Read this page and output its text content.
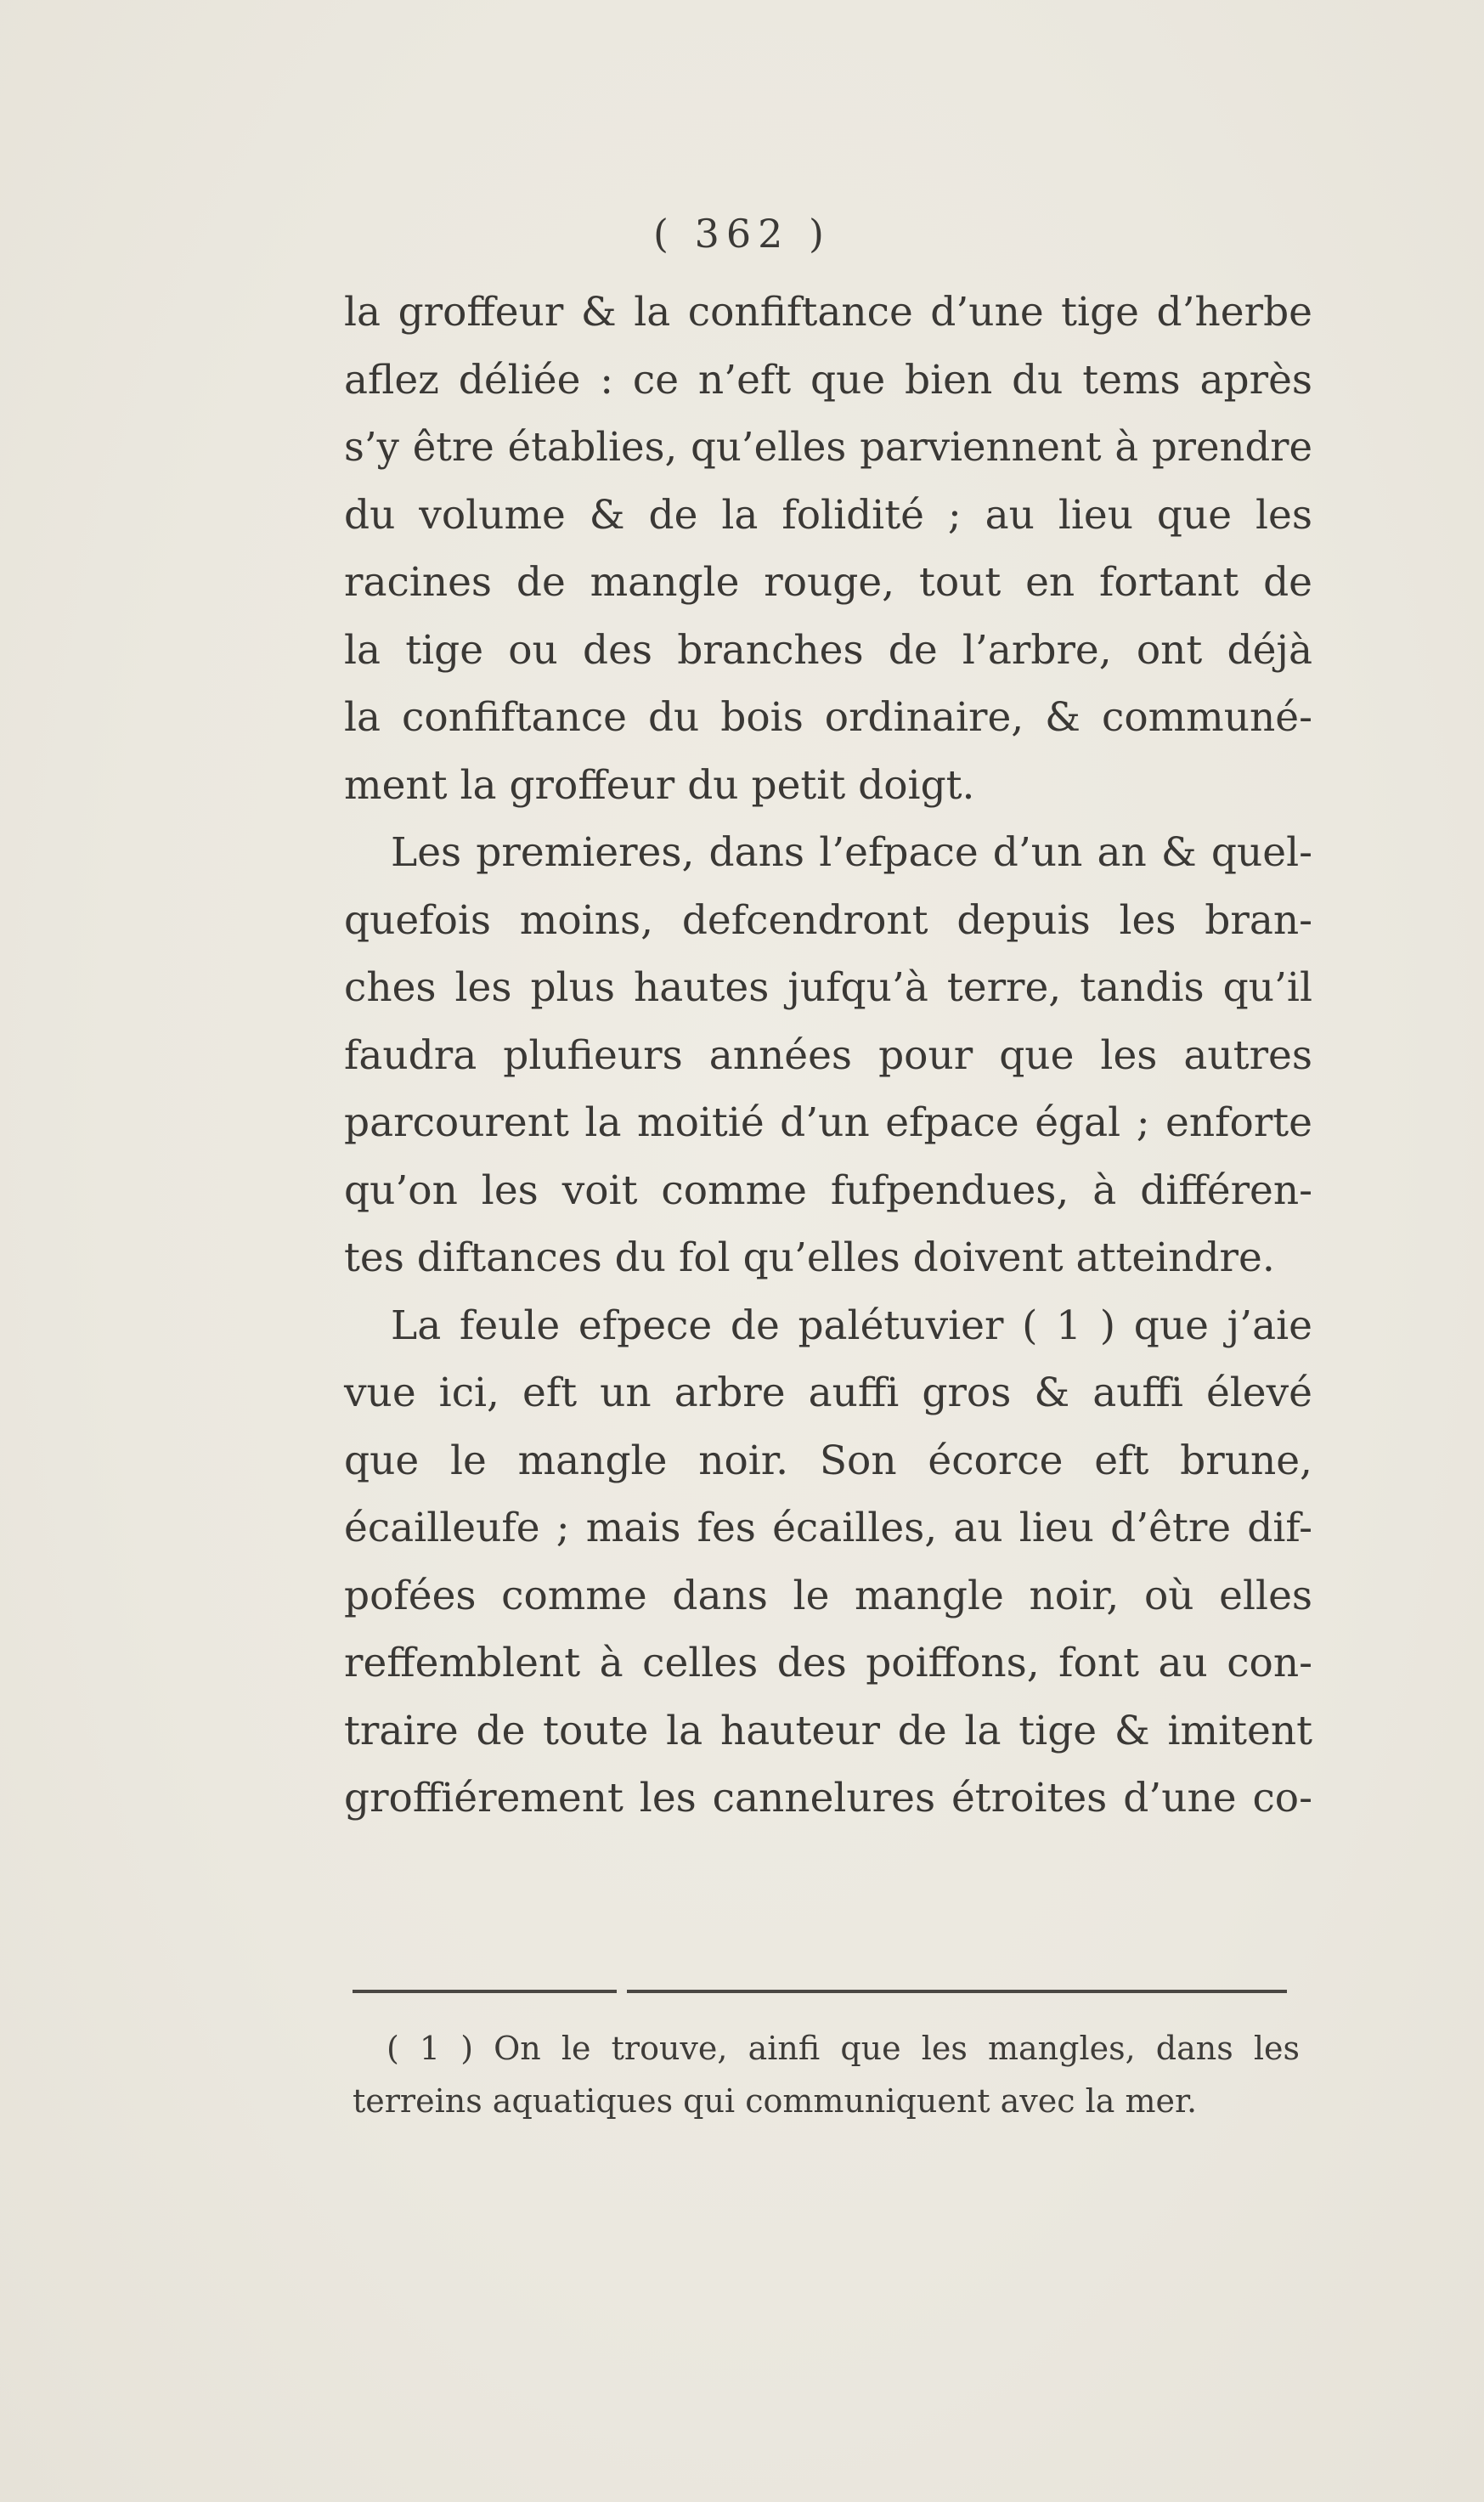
( 362 )
la groffeur & la confiftance d’une tige d’herbe
aflez déliée : ce n’eft que bien du tems après
s’y être établies, qu’elles parviennent à prendre
du volume & de la folidité ; au lieu que les
racines de mangle rouge, tout en fortant de
la tige ou des branches de l’arbre, ont déjà
la confiftance du bois ordinaire, & communé-
ment la groffeur du petit doigt.
Les premieres, dans l’efpace d’un an & quel-
quefois moins, defcendront depuis les bran-
ches les plus hautes jufqu’à terre, tandis qu’il
faudra plufieurs années pour que les autres
parcourent la moitié d’un efpace égal ; enforte
qu’on les voit comme fufpendues, à différen-
tes diftances du fol qu’elles doivent atteindre.
La feule efpece de palétuvier ( 1 ) que j’aie
vue ici, eft un arbre auffi gros & auffi élevé
que le mangle noir. Son écorce eft brune,
écailleufe ; mais fes écailles, au lieu d’être dif-
pofées comme dans le mangle noir, où elles
reffemblent à celles des poiffons, font au con-
traire de toute la hauteur de la tige & imitent
groffiérement les cannelures étroites d’une co-
( 1 ) On le trouve, ainfi que les mangles, dans les
terreins aquatiques qui communiquent avec la mer.
